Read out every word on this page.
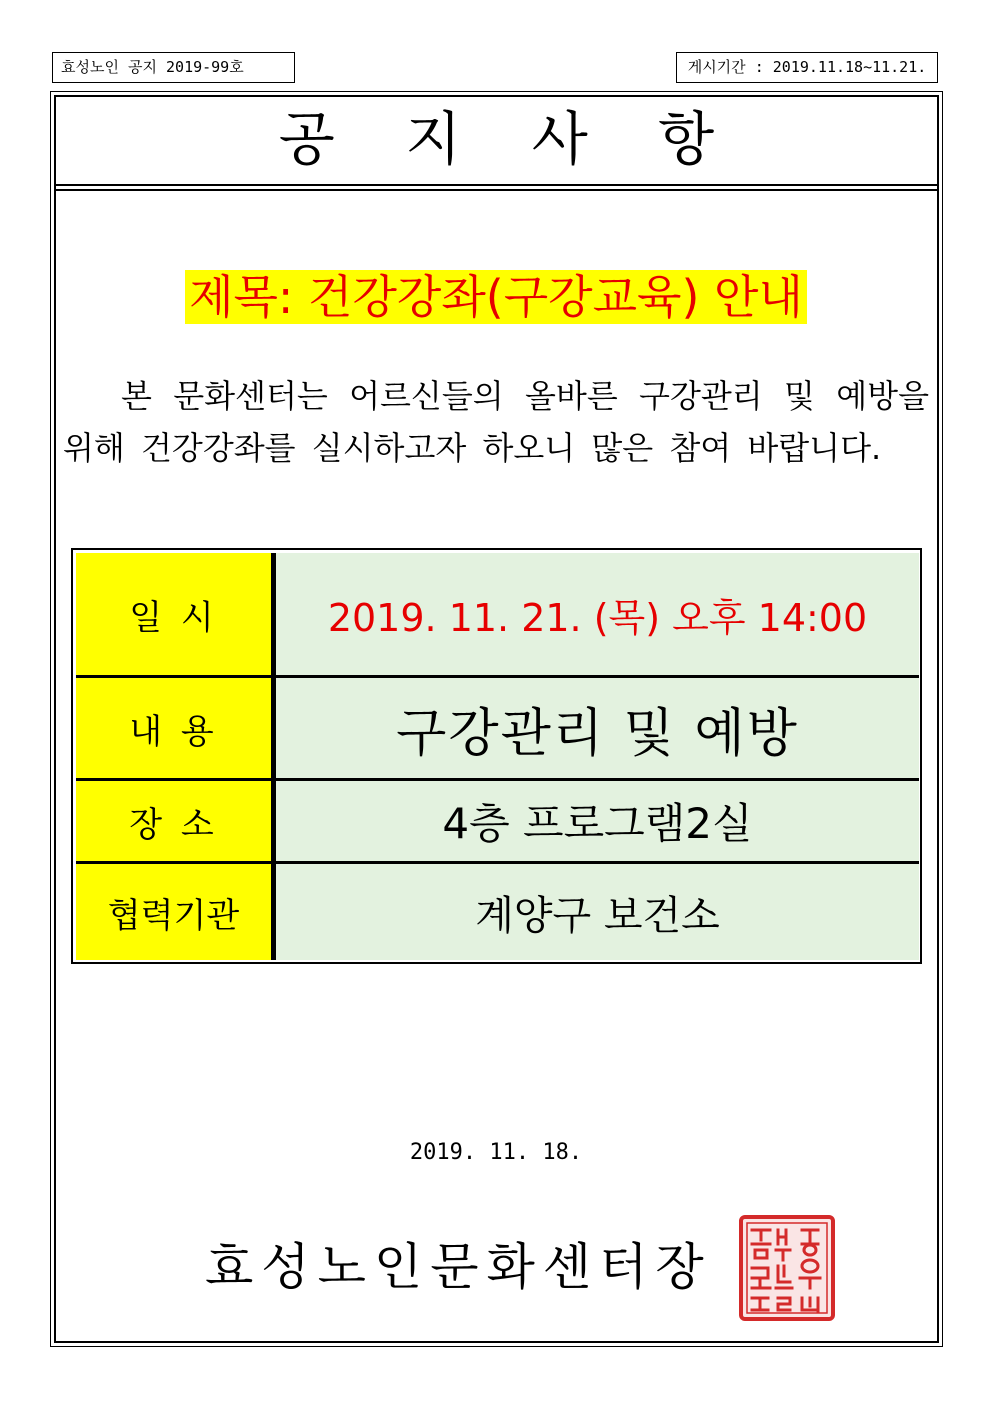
효성노인 공지 2019-99호	게시기간 : 2019.11.18~11.21.
공 지 사 항
제목: 건강강좌(구강교육) 안내

본 문화센터는 어르신들의 올바른 구강관리 및 예방을 위해 건강강좌를 실시하고자 하오니 많은 참여 바랍니다.

일 시	2019. 11. 21. (목) 오후 14:00
내 용	구강관리 및 예방
장 소	4층 프로그램2실
협력기관	계양구 보건소
2019. 11. 18.
효성노인문화센터장
